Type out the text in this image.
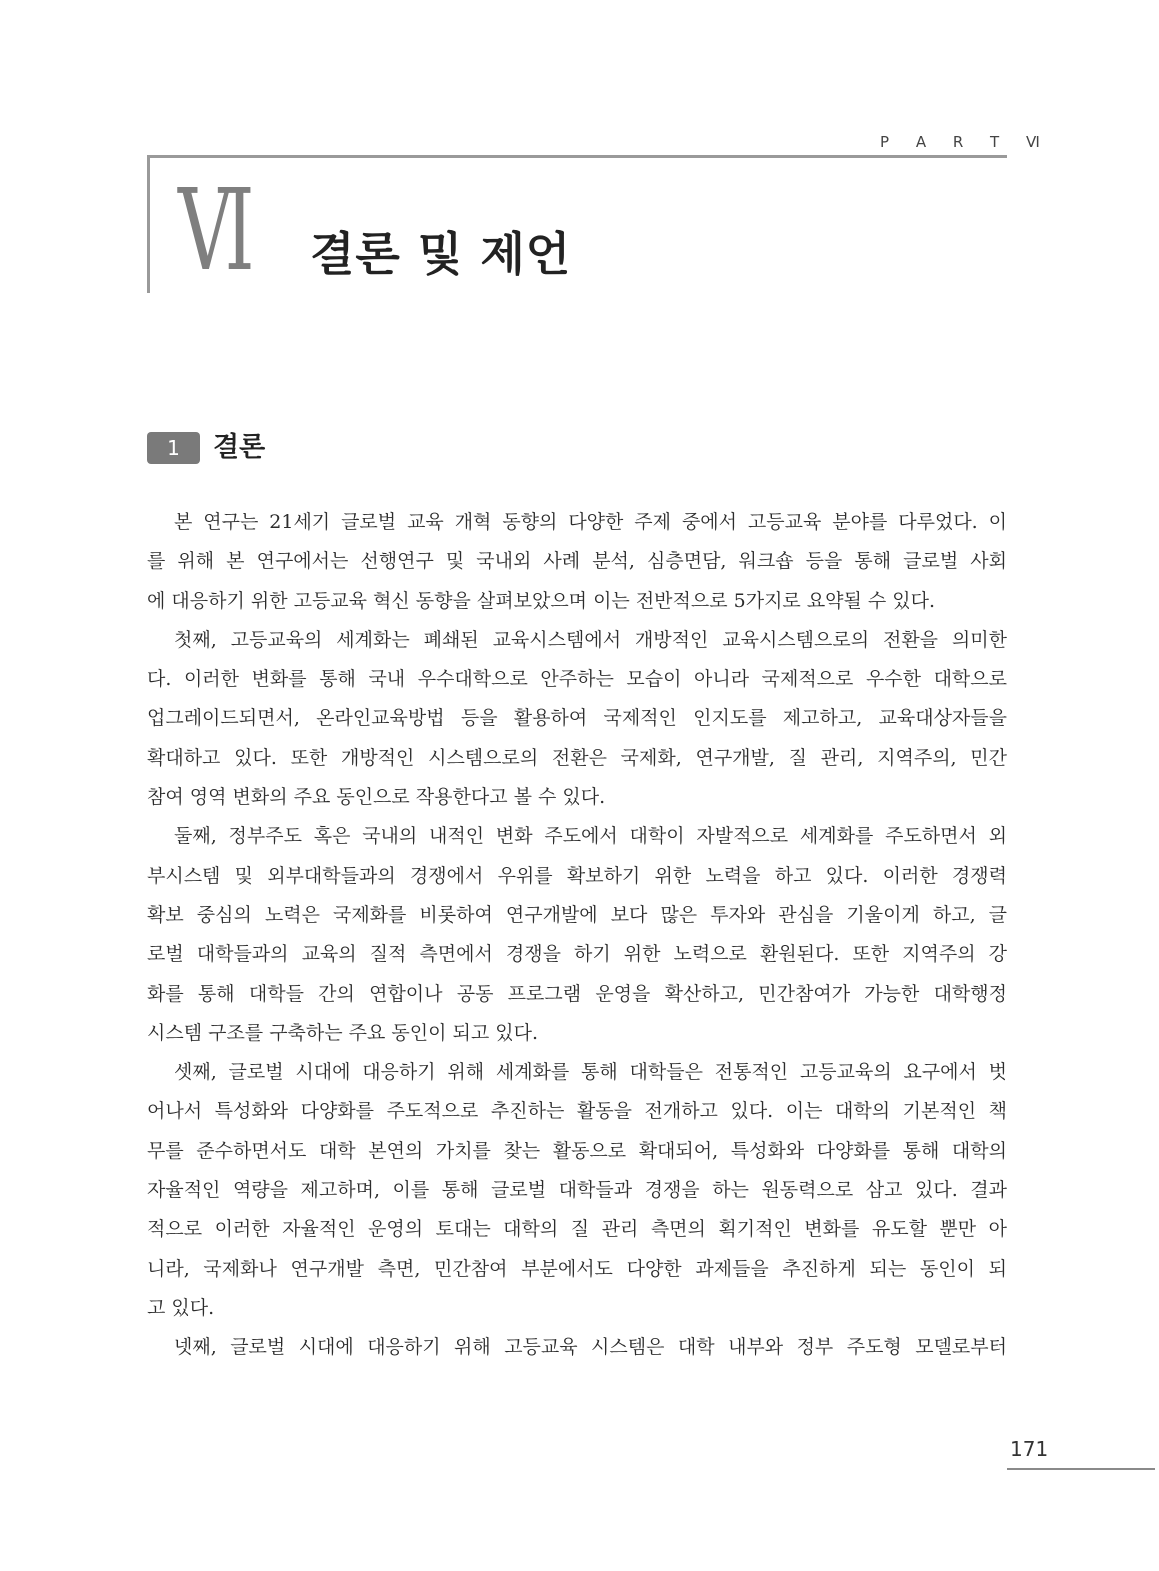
P A R T Ⅵ
Ⅵ 결론 및 제언
1	결론
본 연구는 21세기 글로벌 교육 개혁 동향의 다양한 주제 중에서 고등교육 분야를 다루었다. 이
를 위해 본 연구에서는 선행연구 및 국내외 사례 분석, 심층면담, 워크숍 등을 통해 글로벌 사회
에 대응하기 위한 고등교육 혁신 동향을 살펴보았으며 이는 전반적으로 5가지로 요약될 수 있다.
첫째, 고등교육의 세계화는 폐쇄된 교육시스템에서 개방적인 교육시스템으로의 전환을 의미한
다. 이러한 변화를 통해 국내 우수대학으로 안주하는 모습이 아니라 국제적으로 우수한 대학으로
업그레이드되면서, 온라인교육방법 등을 활용하여 국제적인 인지도를 제고하고, 교육대상자들을
확대하고 있다. 또한 개방적인 시스템으로의 전환은 국제화, 연구개발, 질 관리, 지역주의, 민간
참여 영역 변화의 주요 동인으로 작용한다고 볼 수 있다.
둘째, 정부주도 혹은 국내의 내적인 변화 주도에서 대학이 자발적으로 세계화를 주도하면서 외
부시스템 및 외부대학들과의 경쟁에서 우위를 확보하기 위한 노력을 하고 있다. 이러한 경쟁력
확보 중심의 노력은 국제화를 비롯하여 연구개발에 보다 많은 투자와 관심을 기울이게 하고, 글
로벌 대학들과의 교육의 질적 측면에서 경쟁을 하기 위한 노력으로 환원된다. 또한 지역주의 강
화를 통해 대학들 간의 연합이나 공동 프로그램 운영을 확산하고, 민간참여가 가능한 대학행정
시스템 구조를 구축하는 주요 동인이 되고 있다.
셋째, 글로벌 시대에 대응하기 위해 세계화를 통해 대학들은 전통적인 고등교육의 요구에서 벗
어나서 특성화와 다양화를 주도적으로 추진하는 활동을 전개하고 있다. 이는 대학의 기본적인 책
무를 준수하면서도 대학 본연의 가치를 찾는 활동으로 확대되어, 특성화와 다양화를 통해 대학의
자율적인 역량을 제고하며, 이를 통해 글로벌 대학들과 경쟁을 하는 원동력으로 삼고 있다. 결과
적으로 이러한 자율적인 운영의 토대는 대학의 질 관리 측면의 획기적인 변화를 유도할 뿐만 아
니라, 국제화나 연구개발 측면, 민간참여 부분에서도 다양한 과제들을 추진하게 되는 동인이 되
고 있다.
넷째, 글로벌 시대에 대응하기 위해 고등교육 시스템은 대학 내부와 정부 주도형 모델로부터
171
